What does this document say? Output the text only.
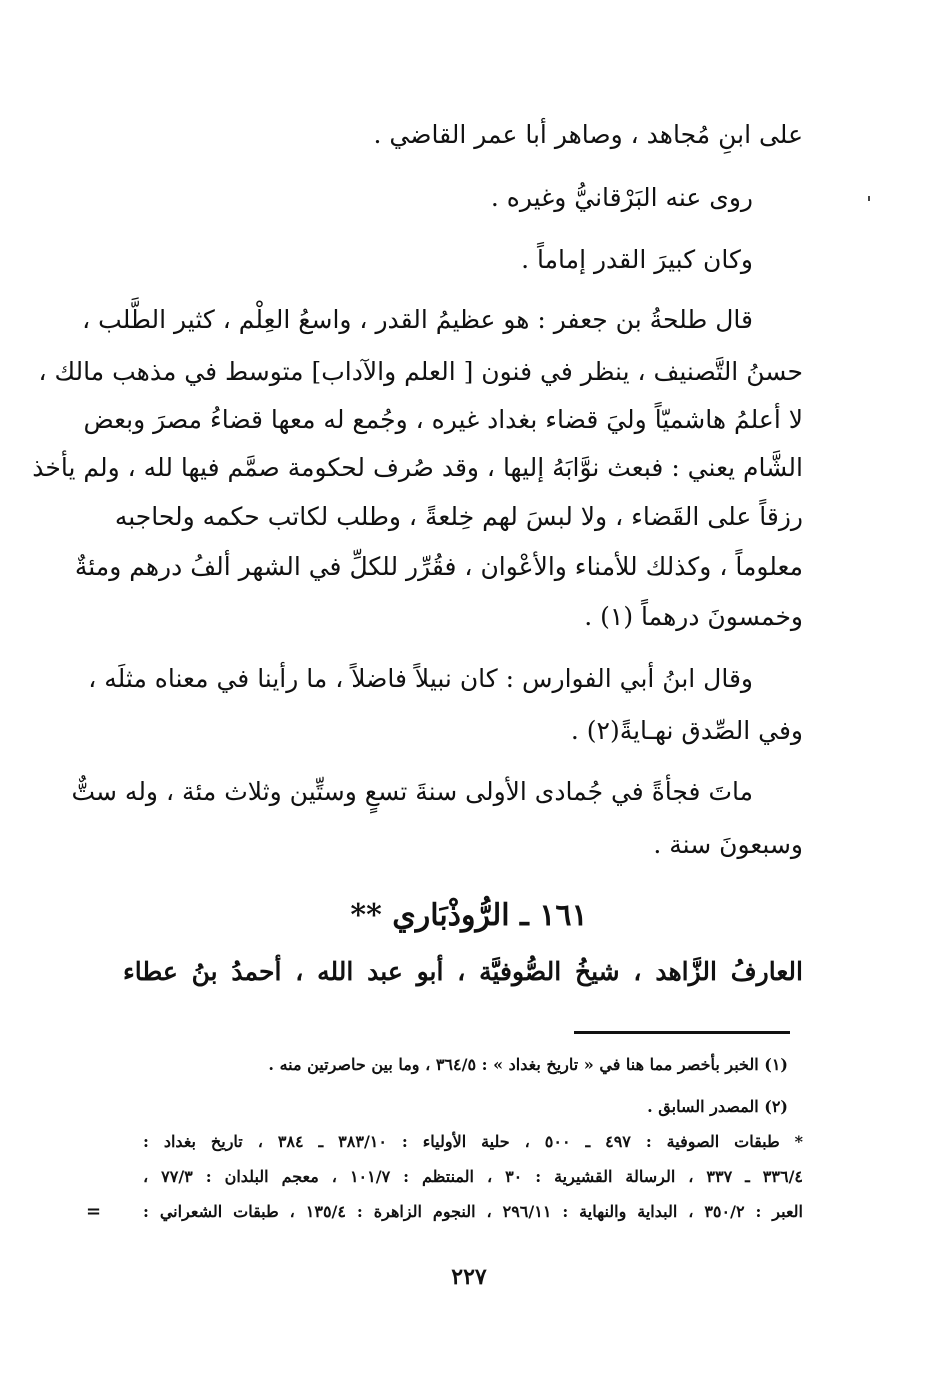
على ابنِ مُجاهد ، وصاهر أبا عمر القاضي .

روى عنه البَرْقانيُّ وغيره .

وكان كبيرَ القدر إماماً .

قال طلحةُ بن جعفر : هو عظيمُ القدر ، واسعُ العِلْم ، كثير الطَّلب ،

حسنُ التَّصنيف ، ينظر في فنون [ العلم والآداب] متوسط في مذهب مالك ،

لا أعلمُ هاشميّاً وليَ قضاء بغداد غيره ، وجُمع له معها قضاءُ مصرَ وبعض

الشَّام يعني : فبعث نوَّابَهُ إليها ، وقد صُرف لحكومة صمَّم فيها لله ، ولم يأخذ

رزقاً على القَضاء ، ولا لبسَ لهم خِلعةً ، وطلب لكاتب حكمه ولحاجبه

معلوماً ، وكذلك للأمناء والأعْوان ، فقُرِّر للكلِّ في الشهر ألفُ درهم ومئةٌ

وخمسونَ درهماً (١) .

وقال ابنُ أبي الفوارس : كان نبيلاً فاضلاً ، ما رأينا في معناه مثلَه ،

وفي الصِّدق نهـايةً(٢) .

ماتَ فجأةً في جُمادى الأولى سنةَ تسعٍ وستِّين وثلاث مئة ، وله ستٌّ

وسبعونَ سنة .

١٦١ ـ الرُّوذْبَاري **

العارفُ الزَّاهد ، شيخُ الصُّوفيَّة ، أبو عبد الله ، أحمدُ بنُ عطاء

(١) الخبر بأخصر مما هنا في « تاريخ بغداد » : ٣٦٤/٥ ، وما بين حاصرتين منه .
(٢) المصدر السابق .
* طبقات الصوفية : ٤٩٧ ـ ٥٠٠ ، حلية الأولياء : ٣٨٣/١٠ ـ ٣٨٤ ، تاريخ بغداد :
٣٣٦/٤ ـ ٣٣٧ ، الرسالة القشيرية : ٣٠ ، المنتظم : ١٠١/٧ ، معجم البلدان : ٧٧/٣ ،
العبر : ٣٥٠/٢ ، البداية والنهاية : ٢٩٦/١١ ، النجوم الزاهرة : ١٣٥/٤ ، طبقات الشعراني :
=
٢٢٧
